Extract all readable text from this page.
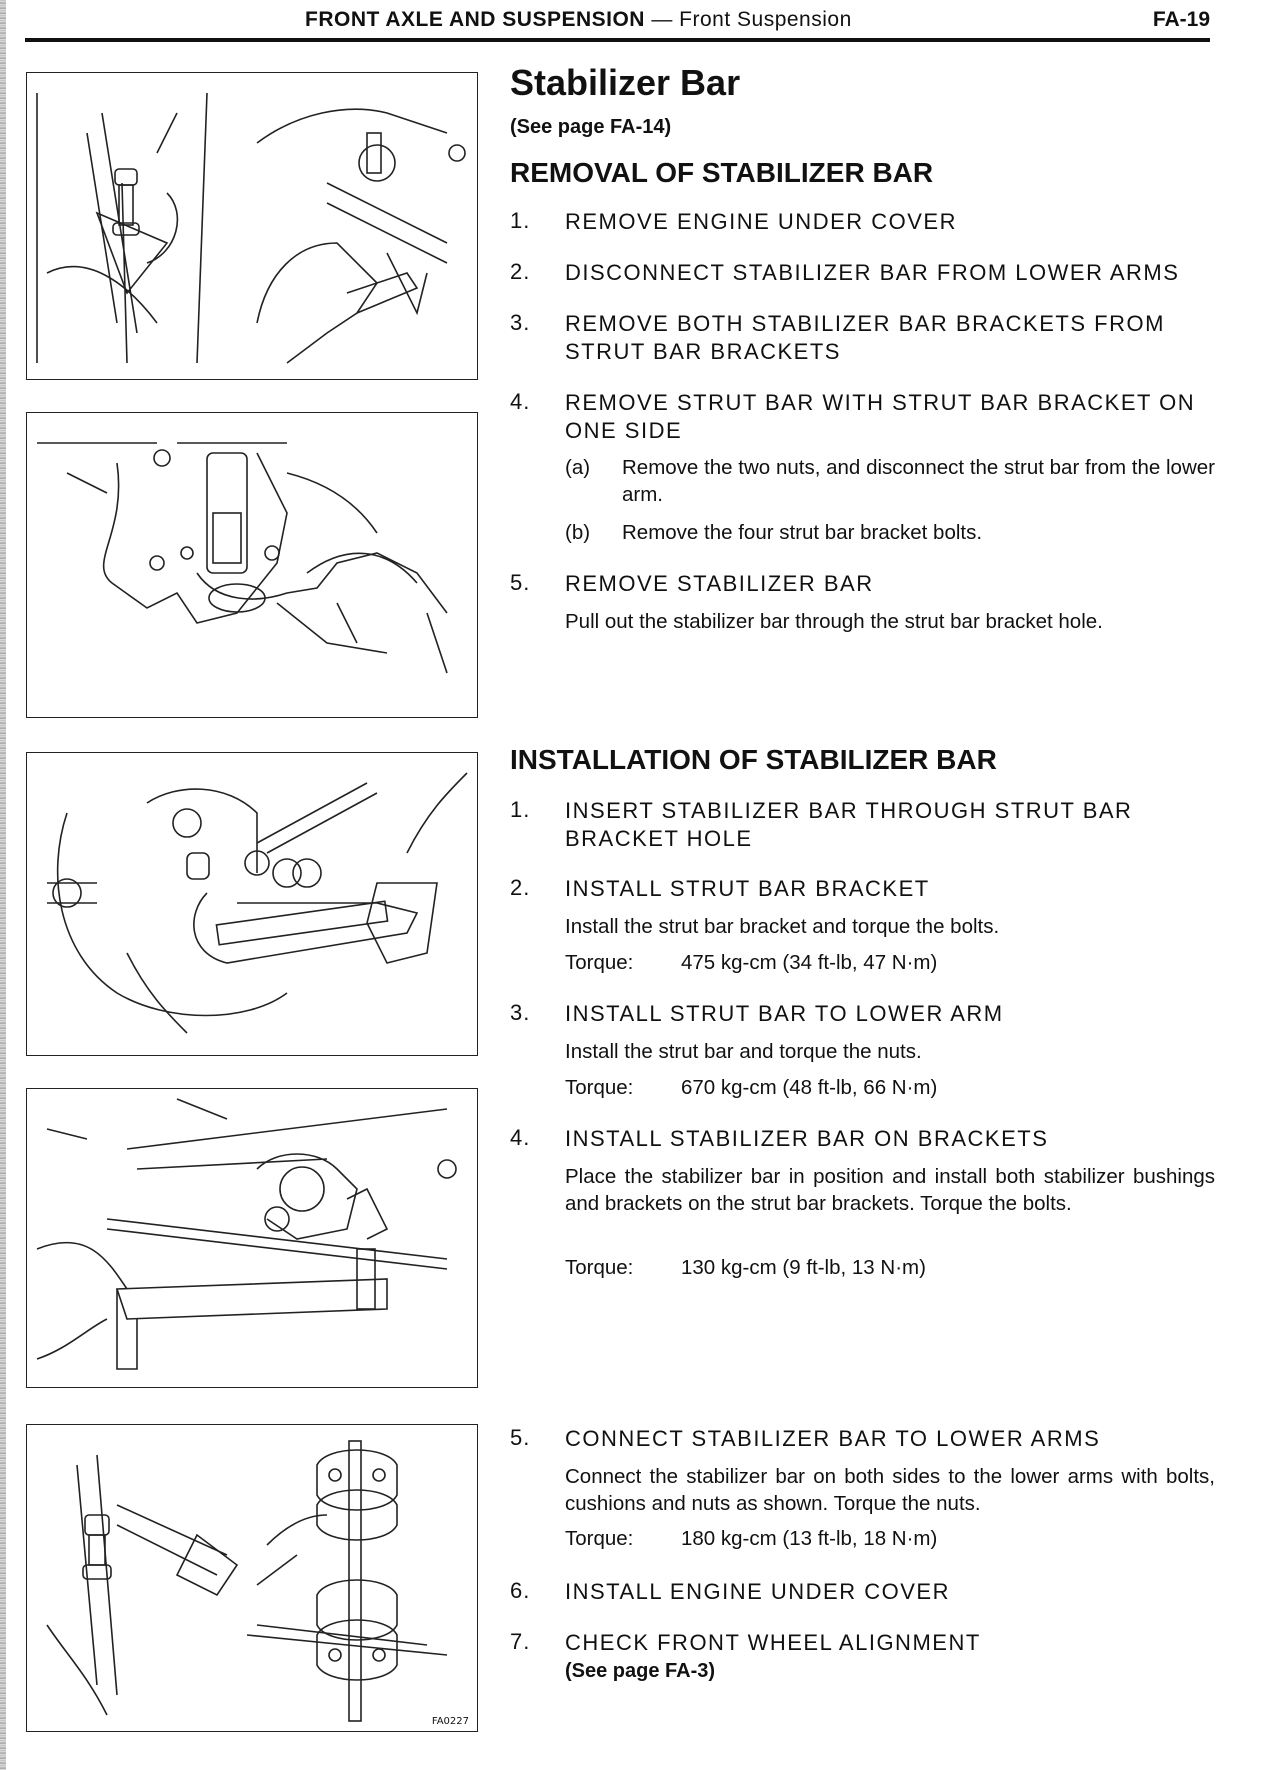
FRONT AXLE AND SUSPENSION — Front Suspension	FA-19
FA0227
Stabilizer Bar
(See page FA-14)
REMOVAL OF STABILIZER BAR
1. REMOVE ENGINE UNDER COVER
2. DISCONNECT STABILIZER BAR FROM LOWER ARMS
3. REMOVE BOTH STABILIZER BAR BRACKETS FROM STRUT BAR BRACKETS
4. REMOVE STRUT BAR WITH STRUT BAR BRACKET ON ONE SIDE
(a) Remove the two nuts, and disconnect the strut bar from the lower arm.
(b) Remove the four strut bar bracket bolts.
5. REMOVE STABILIZER BAR
Pull out the stabilizer bar through the strut bar bracket hole.
INSTALLATION OF STABILIZER BAR
1. INSERT STABILIZER BAR THROUGH STRUT BAR BRACKET HOLE
2. INSTALL STRUT BAR BRACKET
Install the strut bar bracket and torque the bolts.
Torque: 475 kg-cm (34 ft-lb, 47 N·m)
3. INSTALL STRUT BAR TO LOWER ARM
Install the strut bar and torque the nuts.
Torque: 670 kg-cm (48 ft-lb, 66 N·m)
4. INSTALL STABILIZER BAR ON BRACKETS
Place the stabilizer bar in position and install both stabilizer bushings and brackets on the strut bar brackets. Torque the bolts.
Torque: 130 kg-cm (9 ft-lb, 13 N·m)
5. CONNECT STABILIZER BAR TO LOWER ARMS
Connect the stabilizer bar on both sides to the lower arms with bolts, cushions and nuts as shown. Torque the nuts.
Torque: 180 kg-cm (13 ft-lb, 18 N·m)
6. INSTALL ENGINE UNDER COVER
7. CHECK FRONT WHEEL ALIGNMENT
(See page FA-3)
